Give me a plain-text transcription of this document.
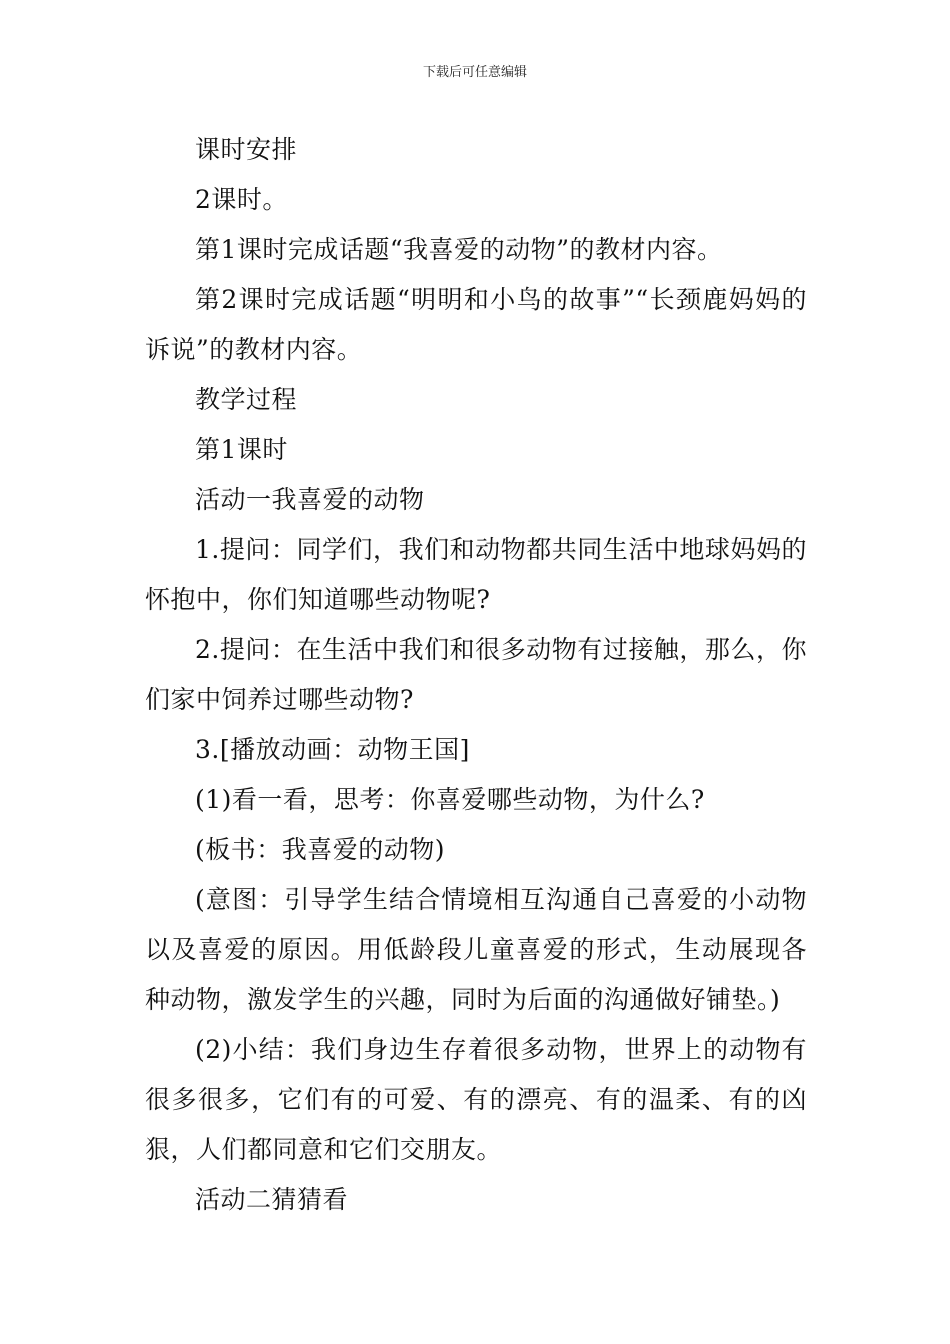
下载后可任意编辑

课时安排

2课时。

第1课时完成话题“我喜爱的动物”的教材内容。

第2课时完成话题“明明和小鸟的故事”“长颈鹿妈妈的诉说”的教材内容。

教学过程

第1课时

活动一我喜爱的动物

1.提问：同学们，我们和动物都共同生活中地球妈妈的怀抱中，你们知道哪些动物呢?

2.提问：在生活中我们和很多动物有过接触，那么，你们家中饲养过哪些动物?

3.[播放动画：动物王国]

(1)看一看，思考：你喜爱哪些动物，为什么?

(板书：我喜爱的动物)

(意图：引导学生结合情境相互沟通自己喜爱的小动物以及喜爱的原因。用低龄段儿童喜爱的形式，生动展现各种动物，激发学生的兴趣，同时为后面的沟通做好铺垫。)

(2)小结：我们身边生存着很多动物，世界上的动物有很多很多，它们有的可爱、有的漂亮、有的温柔、有的凶狠，人们都同意和它们交朋友。

活动二猜猜看
